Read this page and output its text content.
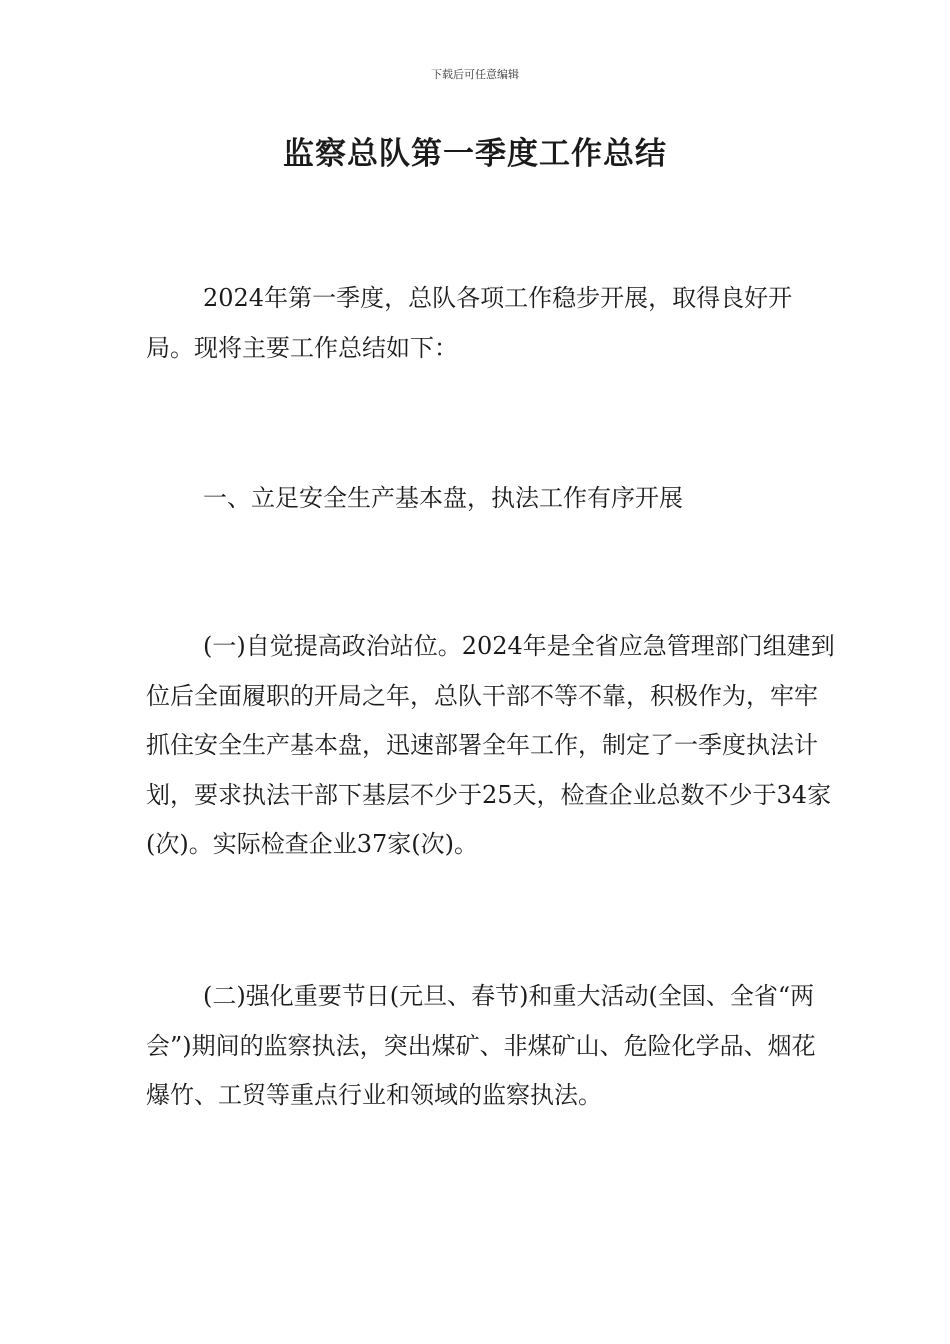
下载后可任意编辑
监察总队第一季度工作总结

2024年第一季度，总队各项工作稳步开展，取得良好开局。现将主要工作总结如下：

一、立足安全生产基本盘，执法工作有序开展

(一)自觉提高政治站位。2024年是全省应急管理部门组建到位后全面履职的开局之年，总队干部不等不靠，积极作为，牢牢抓住安全生产基本盘，迅速部署全年工作，制定了一季度执法计划，要求执法干部下基层不少于25天，检查企业总数不少于34家(次)。实际检查企业37家(次)。

(二)强化重要节日(元旦、春节)和重大活动(全国、全省“两会”)期间的监察执法，突出煤矿、非煤矿山、危险化学品、烟花爆竹、工贸等重点行业和领域的监察执法。
